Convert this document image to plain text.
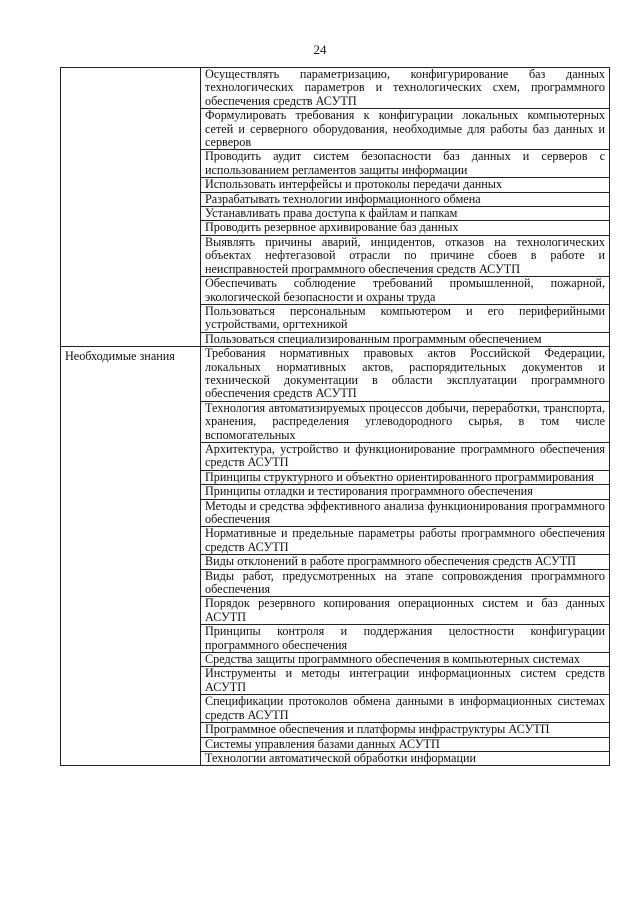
24
	Осуществлять параметризацию, конфигурирование баз данных технологических параметров и технологических схем, программного обеспечения средств АСУТП
	Формулировать требования к конфигурации локальных компьютерных сетей и серверного оборудования, необходимые для работы баз данных и серверов
	Проводить аудит систем безопасности баз данных и серверов с использованием регламентов защиты информации
	Использовать интерфейсы и протоколы передачи данных
	Разрабатывать технологии информационного обмена
	Устанавливать права доступа к файлам и папкам
	Проводить резервное архивирование баз данных
	Выявлять причины аварий, инцидентов, отказов на технологических объектах нефтегазовой отрасли по причине сбоев в работе и неисправностей программного обеспечения средств АСУТП
	Обеспечивать соблюдение требований промышленной, пожарной, экологической безопасности и охраны труда
	Пользоваться персональным компьютером и его периферийными устройствами, оргтехникой
	Пользоваться специализированным программным обеспечением

Необходимые знания	Требования нормативных правовых актов Российской Федерации, локальных нормативных актов, распорядительных документов и технической документации в области эксплуатации программного обеспечения средств АСУТП
	Технология автоматизируемых процессов добычи, переработки, транспорта, хранения, распределения углеводородного сырья, в том числе вспомогательных
	Архитектура, устройство и функционирование программного обеспечения средств АСУТП
	Принципы структурного и объектно ориентированного программирования
	Принципы отладки и тестирования программного обеспечения
	Методы и средства эффективного анализа функционирования программного обеспечения
	Нормативные и предельные параметры работы программного обеспечения средств АСУТП
	Виды отклонений в работе программного обеспечения средств АСУТП
	Виды работ, предусмотренных на этапе сопровождения программного обеспечения
	Порядок резервного копирования операционных систем и баз данных АСУТП
	Принципы контроля и поддержания целостности конфигурации программного обеспечения
	Средства защиты программного обеспечения в компьютерных системах
	Инструменты и методы интеграции информационных систем средств АСУТП
	Спецификации протоколов обмена данными в информационных системах средств АСУТП
	Программное обеспечения и платформы инфраструктуры АСУТП
	Системы управления базами данных АСУТП
	Технологии автоматической обработки информации
